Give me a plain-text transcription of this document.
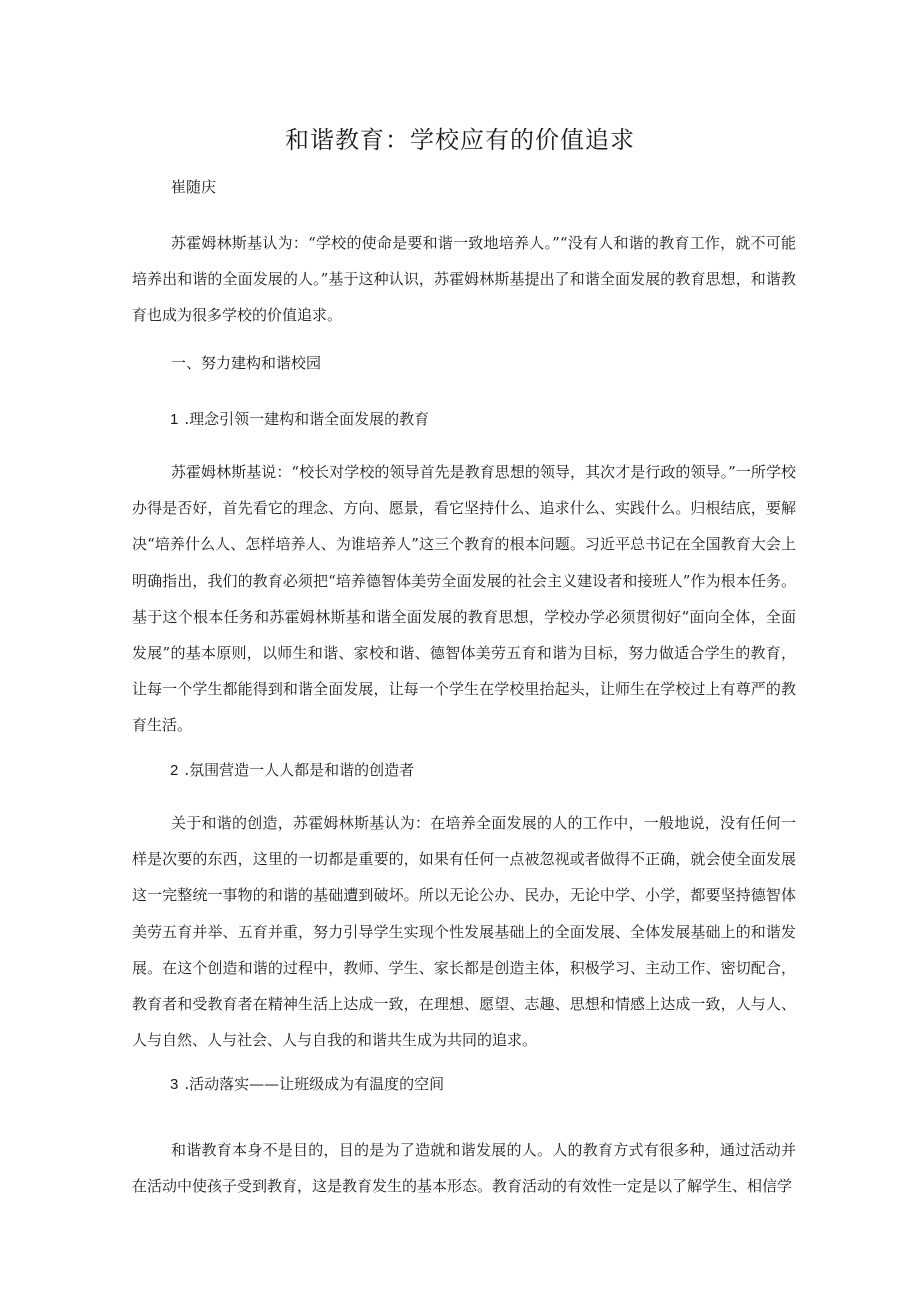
和谐教育：学校应有的价值追求

崔随庆

苏霍姆林斯基认为：“学校的使命是要和谐一致地培养人。”“没有人和谐的教育工作，就不可能培养出和谐的全面发展的人。”基于这种认识，苏霍姆林斯基提出了和谐全面发展的教育思想，和谐教育也成为很多学校的价值追求。

一、努力建构和谐校园

1 .理念引领一建构和谐全面发展的教育

苏霍姆林斯基说：“校长对学校的领导首先是教育思想的领导，其次才是行政的领导。”一所学校办得是否好，首先看它的理念、方向、愿景，看它坚持什么、追求什么、实践什么。归根结底，要解决“培养什么人、怎样培养人、为谁培养人”这三个教育的根本问题。习近平总书记在全国教育大会上明确指出，我们的教育必须把“培养德智体美劳全面发展的社会主义建设者和接班人”作为根本任务。基于这个根本任务和苏霍姆林斯基和谐全面发展的教育思想，学校办学必须贯彻好“面向全体，全面发展”的基本原则，以师生和谐、家校和谐、德智体美劳五育和谐为目标，努力做适合学生的教育，让每一个学生都能得到和谐全面发展，让每一个学生在学校里抬起头，让师生在学校过上有尊严的教育生活。

2 .氛围营造一人人都是和谐的创造者

关于和谐的创造，苏霍姆林斯基认为：在培养全面发展的人的工作中，一般地说，没有任何一样是次要的东西，这里的一切都是重要的，如果有任何一点被忽视或者做得不正确，就会使全面发展这一完整统一事物的和谐的基础遭到破坏。所以无论公办、民办，无论中学、小学，都要坚持德智体美劳五育并举、五育并重，努力引导学生实现个性发展基础上的全面发展、全体发展基础上的和谐发展。在这个创造和谐的过程中，教师、学生、家长都是创造主体，积极学习、主动工作、密切配合，教育者和受教育者在精神生活上达成一致，在理想、愿望、志趣、思想和情感上达成一致，人与人、人与自然、人与社会、人与自我的和谐共生成为共同的追求。

3 .活动落实——让班级成为有温度的空间

和谐教育本身不是目的，目的是为了造就和谐发展的人。人的教育方式有很多种，通过活动并在活动中使孩子受到教育，这是教育发生的基本形态。教育活动的有效性一定是以了解学生、相信学
